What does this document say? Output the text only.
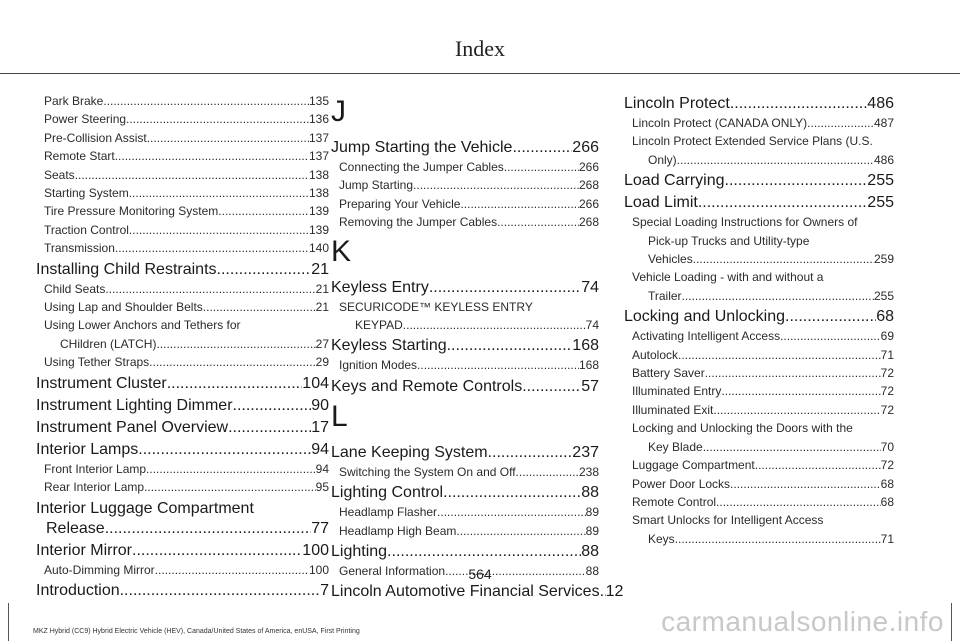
Index
Park Brake .....	135
Power Steering .....	136
Pre-Collision Assist .....	137
Remote Start .....	137
Seats .....	138
Starting System .....	138
Tire Pressure Monitoring System .....	139
Traction Control .....	139
Transmission .....	140
Installing Child Restraints .....	21
Child Seats .....	21
Using Lap and Shoulder Belts .....	21
Using Lower Anchors and Tethers for
CHildren (LATCH) .....	27
Using Tether Straps .....	29
Instrument Cluster .....	104
Instrument Lighting Dimmer .....	90
Instrument Panel Overview .....	17
Interior Lamps .....	94
Front Interior Lamp .....	94
Rear Interior Lamp .....	95
Interior Luggage Compartment
Release .....	77
Interior Mirror .....	100
Auto-Dimming Mirror .....	100
Introduction .....	7
J
Jump Starting the Vehicle .....	266
Connecting the Jumper Cables .....	266
Jump Starting .....	268
Preparing Your Vehicle .....	266
Removing the Jumper Cables .....	268
K
Keyless Entry .....	74
SECURICODE™ KEYLESS ENTRY
KEYPAD .....	74
Keyless Starting .....	168
Ignition Modes .....	168
Keys and Remote Controls .....	57
L
Lane Keeping System .....	237
Switching the System On and Off .....	238
Lighting Control .....	88
Headlamp Flasher .....	89
Headlamp High Beam .....	89
Lighting .....	88
General Information .....	88
Lincoln Automotive Financial Services ..... 12
Lincoln Protect .....	486
Lincoln Protect (CANADA ONLY) .....	487
Lincoln Protect Extended Service Plans (U.S.
Only) .....	486
Load Carrying .....	255
Load Limit .....	255
Special Loading Instructions for Owners of
Pick-up Trucks and Utility-type
Vehicles .....	259
Vehicle Loading - with and without a
Trailer .....	255
Locking and Unlocking .....	68
Activating Intelligent Access .....	69
Autolock .....	71
Battery Saver .....	72
Illuminated Entry .....	72
Illuminated Exit .....	72
Locking and Unlocking the Doors with the
Key Blade .....	70
Luggage Compartment .....	72
Power Door Locks .....	68
Remote Control .....	68
Smart Unlocks for Intelligent Access
Keys .....	71
564
MKZ Hybrid (CC9) Hybrid Electric Vehicle (HEV), Canada/United States of America, enUSA, First Printing	carmanualsonline.info
